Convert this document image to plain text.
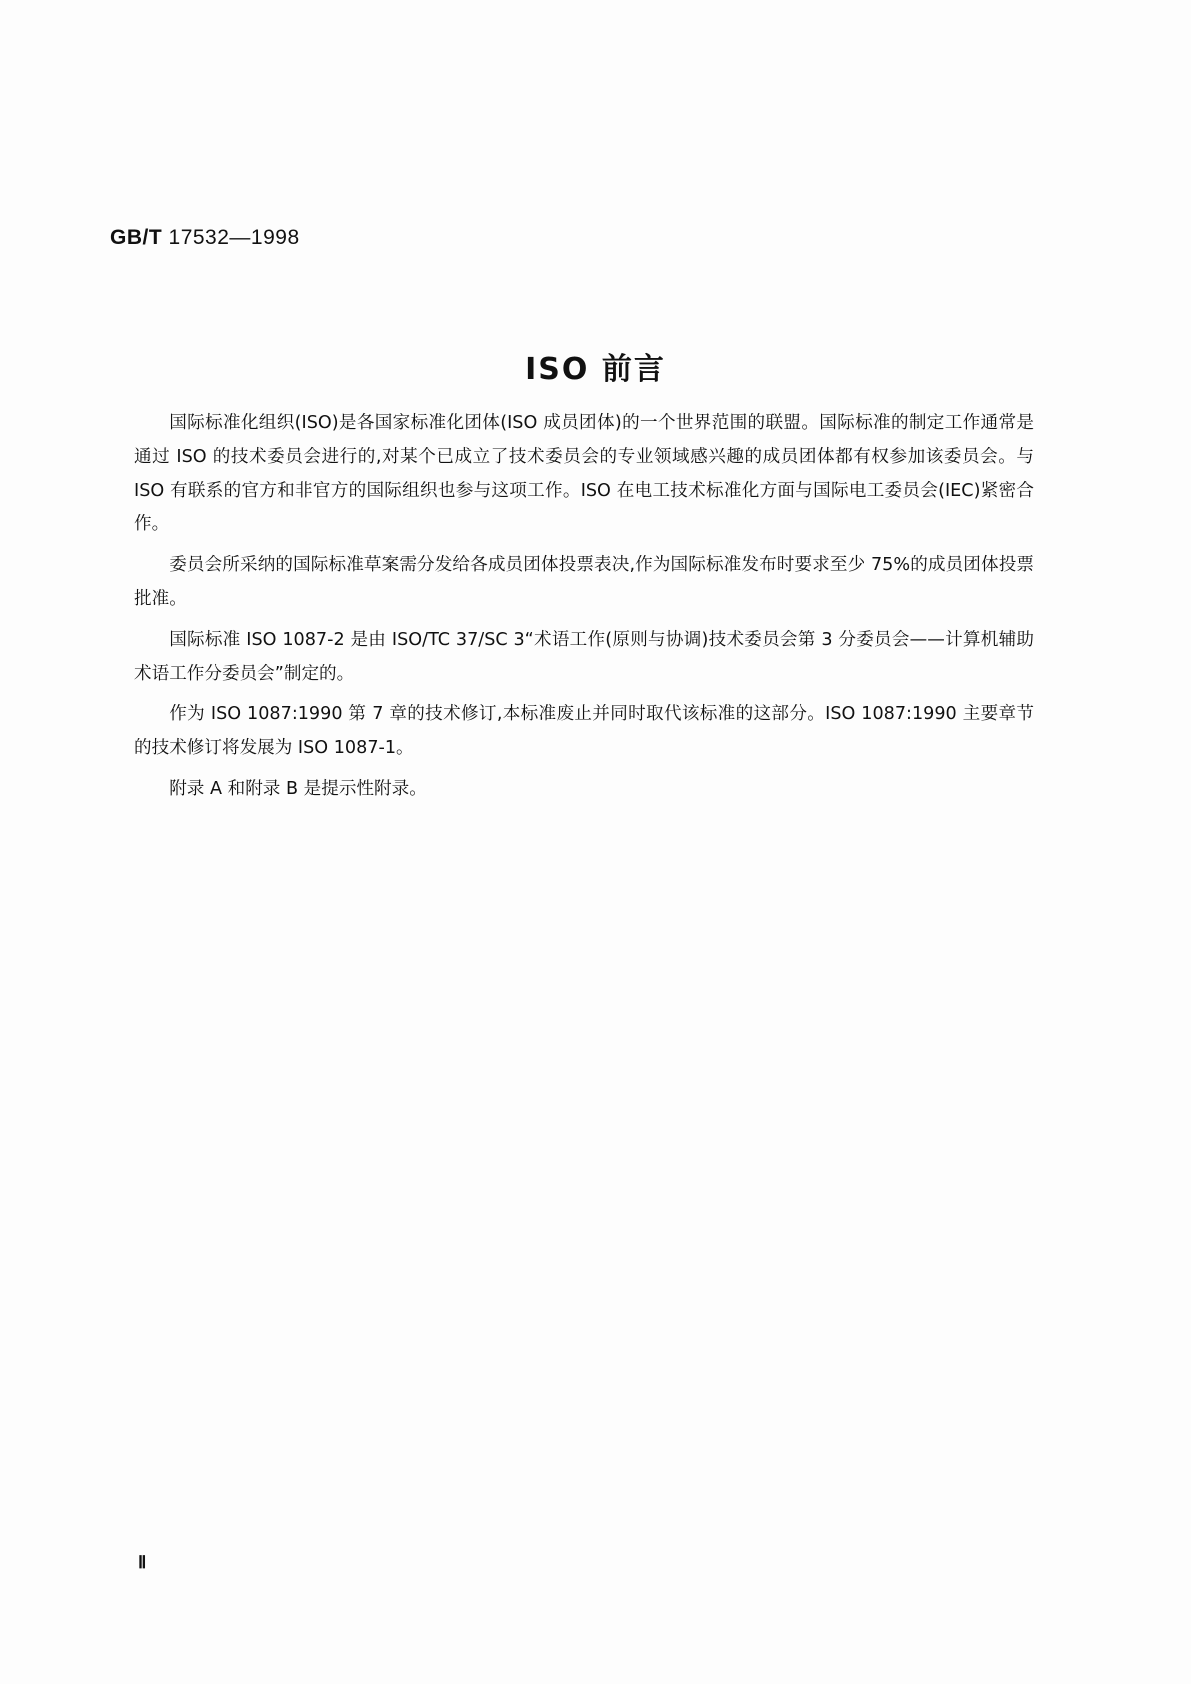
GB/T 17532—1998
ISO 前言

国际标准化组织(ISO)是各国家标准化团体(ISO 成员团体)的一个世界范围的联盟。国际标准的制定工作通常是通过 ISO 的技术委员会进行的,对某个已成立了技术委员会的专业领域感兴趣的成员团体都有权参加该委员会。与 ISO 有联系的官方和非官方的国际组织也参与这项工作。ISO 在电工技术标准化方面与国际电工委员会(IEC)紧密合作。

委员会所采纳的国际标准草案需分发给各成员团体投票表决,作为国际标准发布时要求至少 75%的成员团体投票批准。

国际标准 ISO 1087-2 是由 ISO/TC 37/SC 3“术语工作(原则与协调)技术委员会第 3 分委员会——计算机辅助术语工作分委员会”制定的。

作为 ISO 1087:1990 第 7 章的技术修订,本标准废止并同时取代该标准的这部分。ISO 1087:1990 主要章节的技术修订将发展为 ISO 1087-1。

附录 A 和附录 B 是提示性附录。

Ⅱ
